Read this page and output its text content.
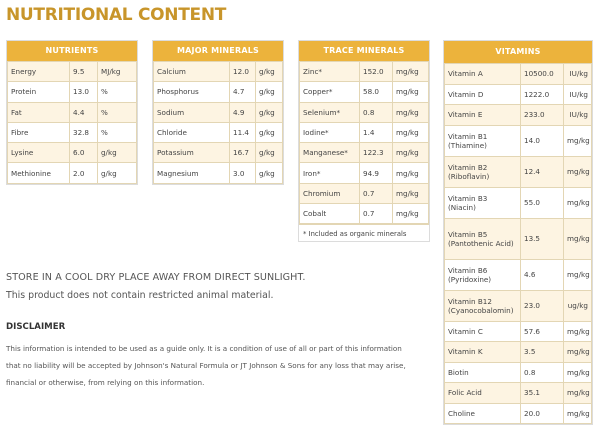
NUTRITIONAL CONTENT
NUTRIENTS
Energy	9.5	MJ/kg
Protein	13.0	%
Fat	4.4	%
Fibre	32.8	%
Lysine	6.0	g/kg
Methionine	2.0	g/kg
MAJOR MINERALS
Calcium	12.0	g/kg
Phosphorus	4.7	g/kg
Sodium	4.9	g/kg
Chloride	11.4	g/kg
Potassium	16.7	g/kg
Magnesium	3.0	g/kg
TRACE MINERALS
Zinc*	152.0	mg/kg
Copper*	58.0	mg/kg
Selenium*	0.8	mg/kg
Iodine*	1.4	mg/kg
Manganese*	122.3	mg/kg
Iron*	94.9	mg/kg
Chromium	0.7	mg/kg
Cobalt	0.7	mg/kg
* Included as organic minerals
VITAMINS
Vitamin A	10500.0	IU/kg
Vitamin D	1222.0	IU/kg
Vitamin E	233.0	IU/kg
Vitamin B1 (Thiamine)	14.0	mg/kg
Vitamin B2 (Riboflavin)	12.4	mg/kg
Vitamin B3 (Niacin)	55.0	mg/kg
Vitamin B5 (Pantothenic Acid)	13.5	mg/kg
Vitamin B6 (Pyridoxine)	4.6	mg/kg
Vitamin B12 (Cyanocobalomin)	23.0	ug/kg
Vitamin C	57.6	mg/kg
Vitamin K	3.5	mg/kg
Biotin	0.8	mg/kg
Folic Acid	35.1	mg/kg
Choline	20.0	mg/kg

STORE IN A COOL DRY PLACE AWAY FROM DIRECT SUNLIGHT.

This product does not contain restricted animal material.

DISCLAIMER

This information is intended to be used as a guide only. It is a condition of use of all or part of this information that no liability will be accepted by Johnson's Natural Formula or JT Johnson & Sons for any loss that may arise, financial or otherwise, from relying on this information.
